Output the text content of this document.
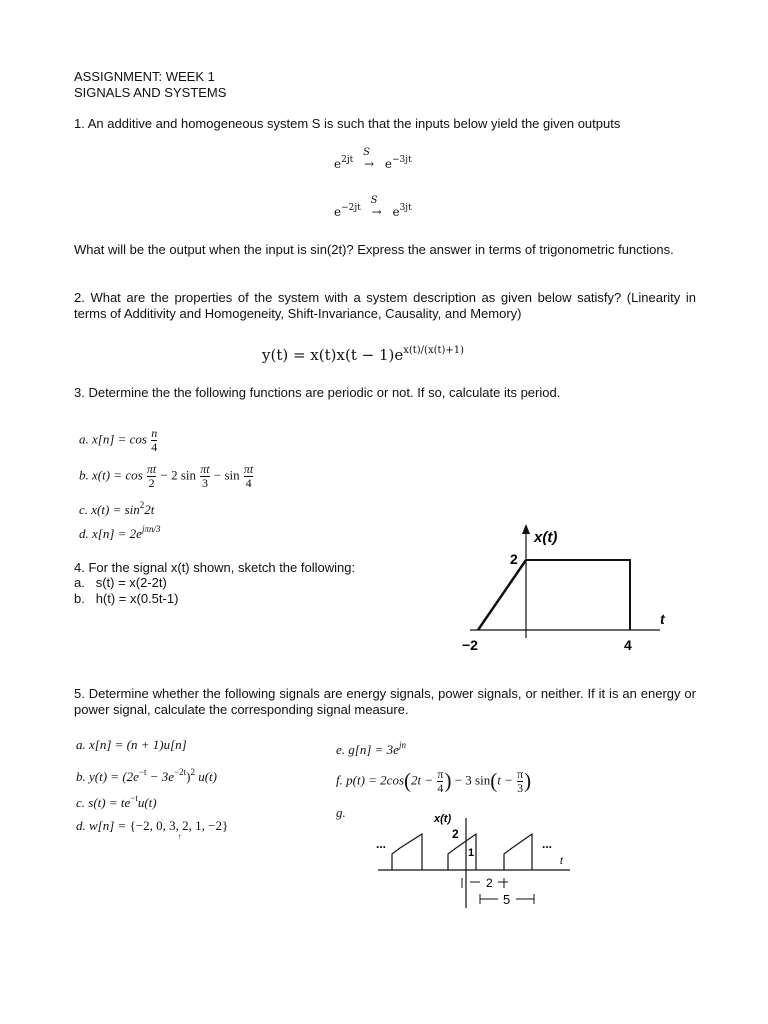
ASSIGNMENT: WEEK 1
SIGNALS AND SYSTEMS
1. An additive and homogeneous system S is such that the inputs below yield the given outputs
$e^{2jt}$
S
→ $e^{-3jt}$
$e^{-2jt}$
S
→ $e^{3jt}$
What will be the output when the input is sin(2t)? Express the answer in terms of trigonometric functions.
2. What are the properties of the system with a system description as given below satisfy? (Linearity in terms of Additivity and Homogeneity, Shift-Invariance, Causality, and Memory)
$y(t) = x(t)x(t - 1)e^{x(t)/(x(t)+1)}$
3. Determine the the following functions are periodic or not. If so, calculate its period.
a. $x[n] = \cos \frac{n}{4}$
b. $x(t) = \cos \frac{\pi t}{2} - 2$ $\sin \frac{\pi t}{3} - \sin \frac{\pi t}{4}$
c. $x(t) = \sin^22t$
d. $x[n] = 2e^{j\pi n/3}$
4. For the signal x(t) shown, sketch the following:
a. s(t) = x(2-2t)
b. h(t) = x(0.5t-1)
x(t)
t
2
−2	4
5. Determine whether the following signals are energy signals, power signals, or neither. If it is an energy or power signal, calculate the corresponding signal measure.
a. x[n] = (n + 1)u[n]
b. $y(t) = (2e^{-t} - 3e^{-2t})^2$ u(t)
c. $s(t) = te^{-t}u(t)$
d. w[n] = {−2, 0, 3, 2, 1, −2}
↑
e. $g[n] = 3e^{jn}$
f. $p(t) = 2\cos(2t - \frac{\pi}{4}$ ) − 3 $\sin(t - \frac{\pi}{3}$ )
g.
t
x(t)
...	...
2
1
2
5
